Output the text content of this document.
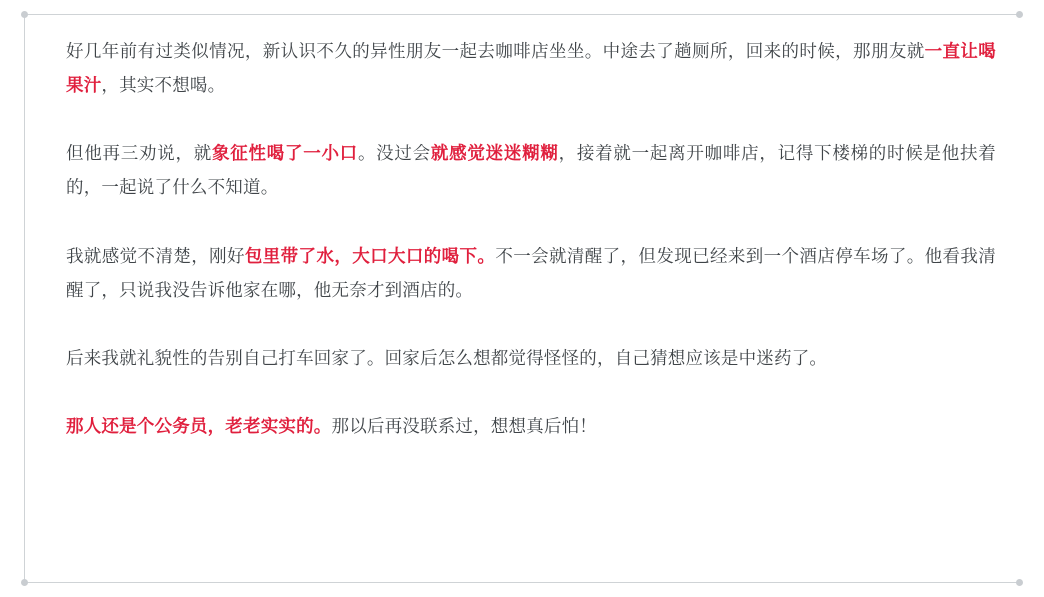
好几年前有过类似情况，新认识不久的异性朋友一起去咖啡店坐坐。中途去了趟厕所，回来的时候，那朋友就一直让喝果汁，其实不想喝。

但他再三劝说，就象征性喝了一小口。没过会就感觉迷迷糊糊，接着就一起离开咖啡店，记得下楼梯的时候是他扶着的，一起说了什么不知道。

我就感觉不清楚，刚好包里带了水，大口大口的喝下。不一会就清醒了，但发现已经来到一个酒店停车场了。他看我清醒了，只说我没告诉他家在哪，他无奈才到酒店的。

后来我就礼貌性的告别自己打车回家了。回家后怎么想都觉得怪怪的，自己猜想应该是中迷药了。

那人还是个公务员，老老实实的。那以后再没联系过，想想真后怕！
